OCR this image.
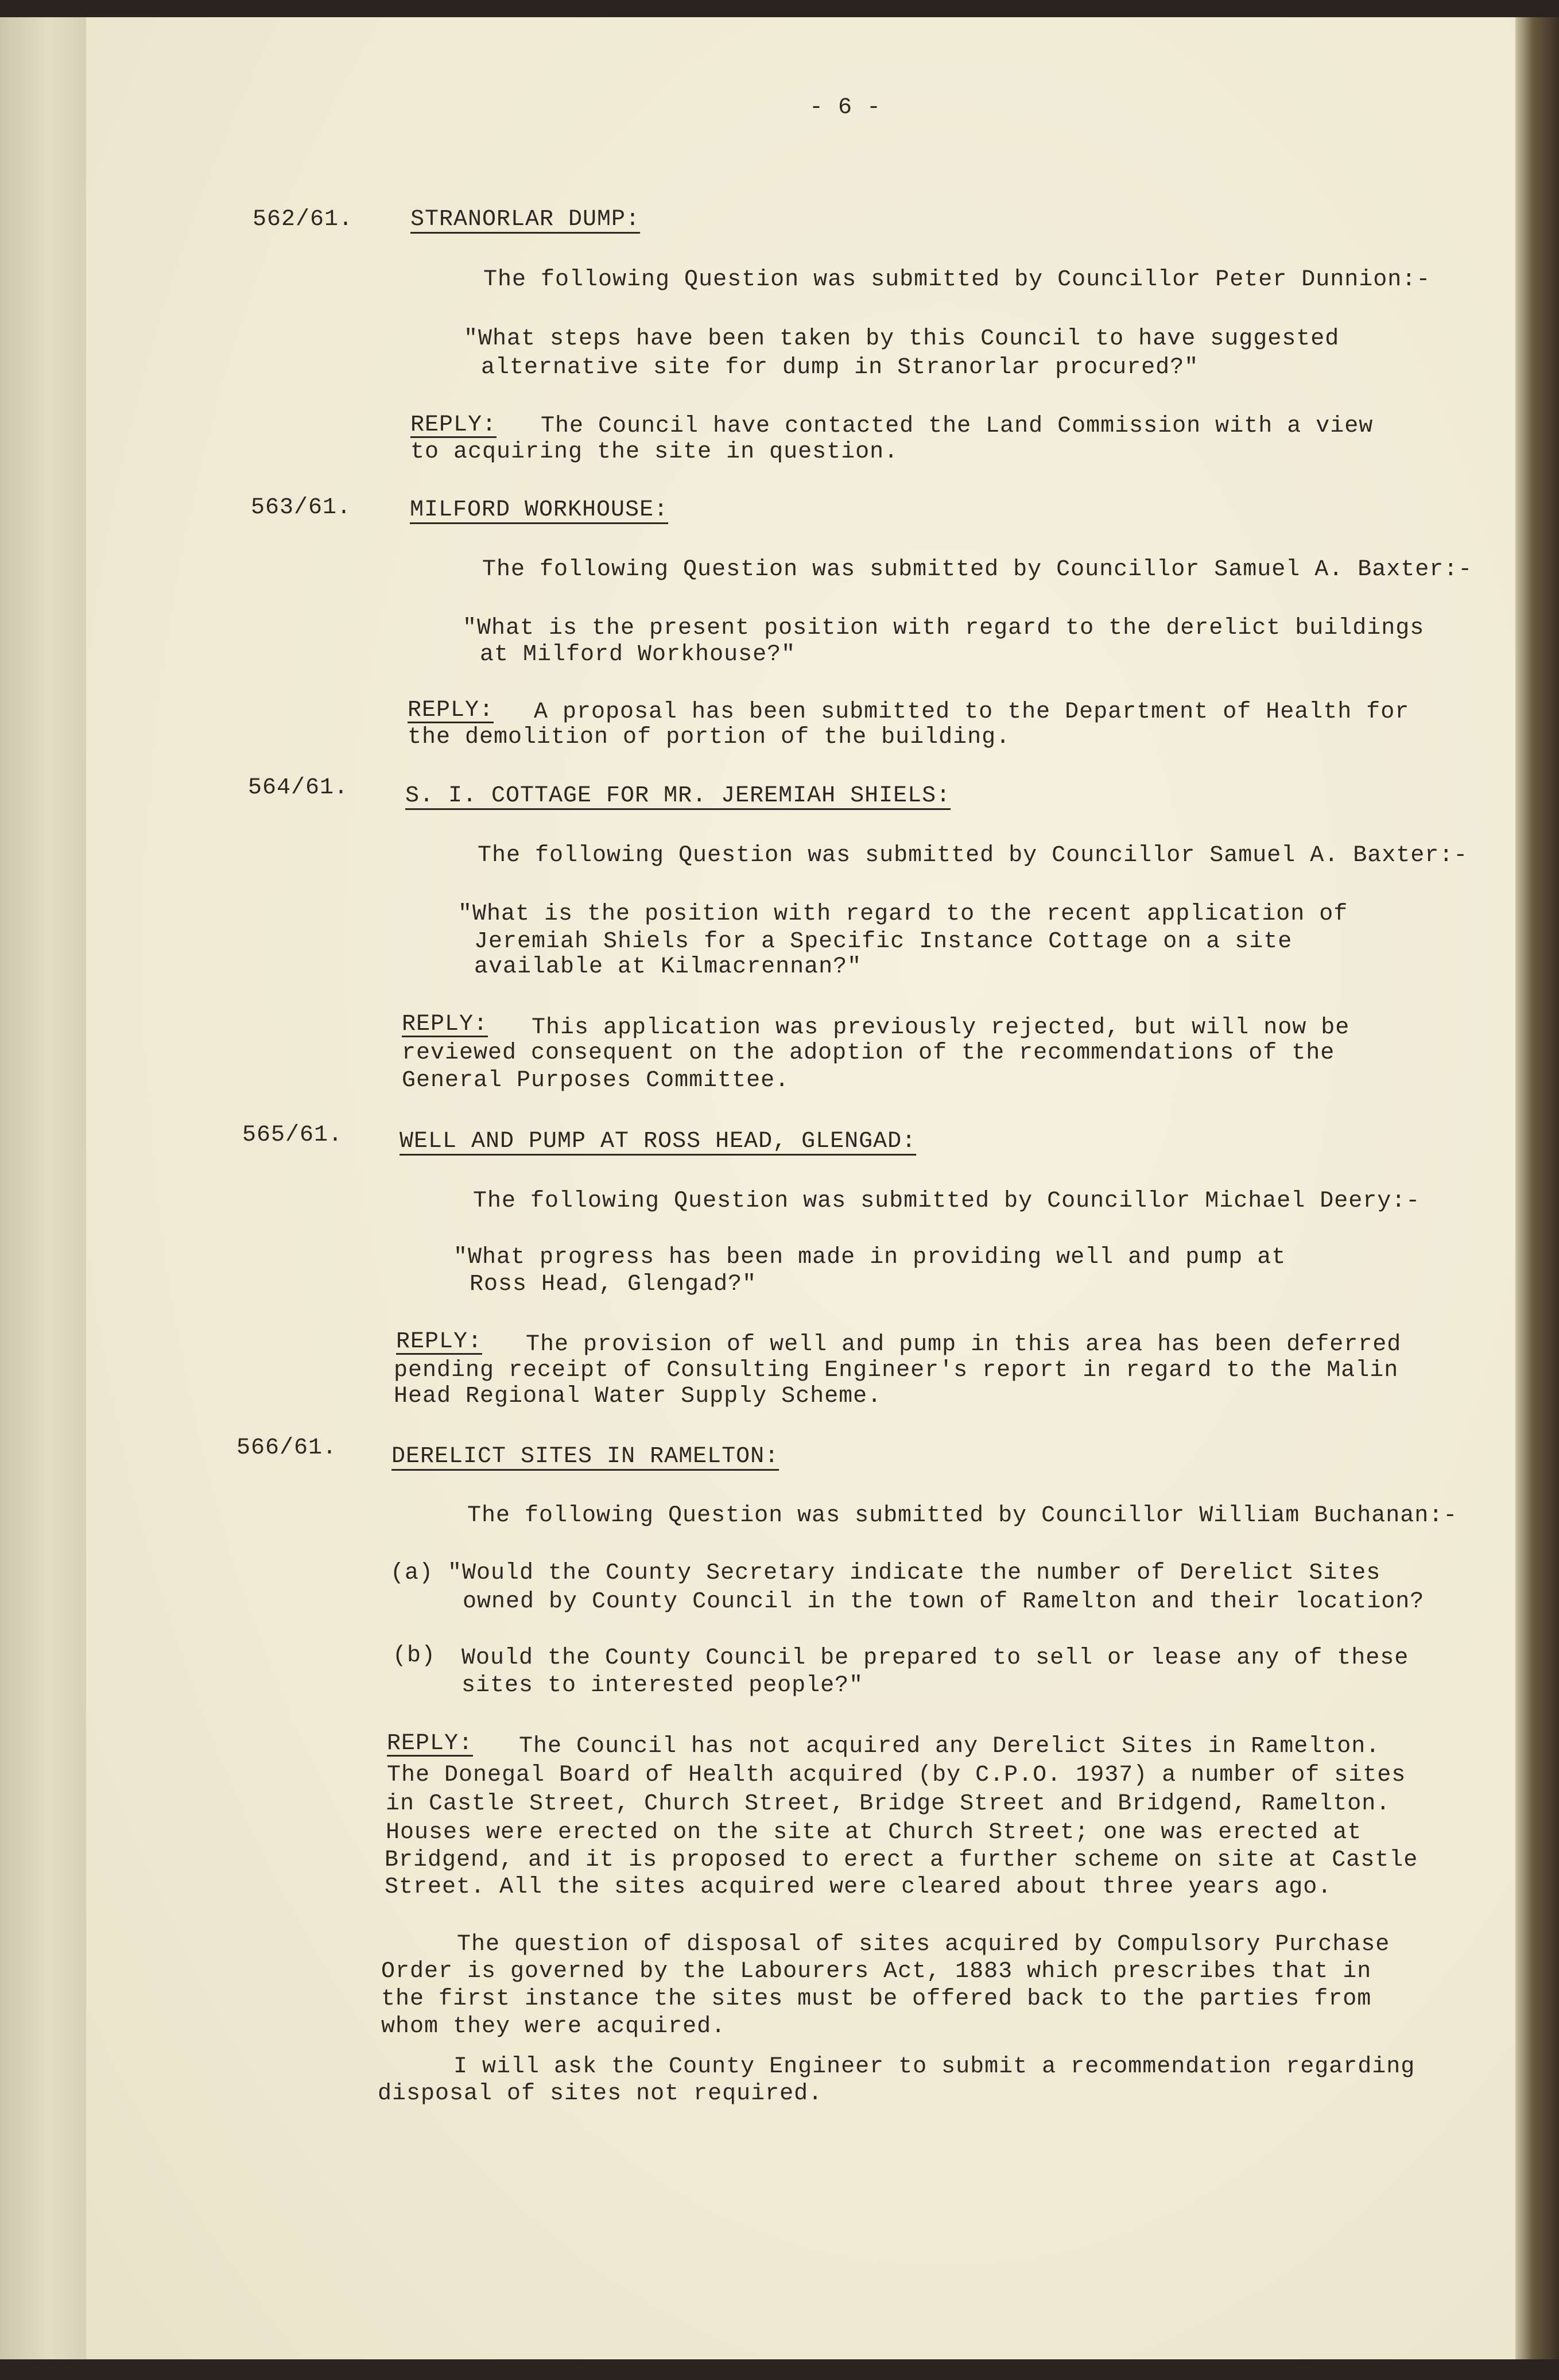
- 6 -
562/61. STRANORLAR DUMP:
The following Question was submitted by Councillor Peter Dunnion:-
"What steps have been taken by this Council to have suggested
alternative site for dump in Stranorlar procured?"
REPLY: The Council have contacted the Land Commission with a view
to acquiring the site in question.
563/61.	MILFORD WORKHOUSE:
The following Question was submitted by Councillor Samuel A. Baxter:-
"What is the present position with regard to the derelict buildings
at Milford Workhouse?"
REPLY: A proposal has been submitted to the Department of Health for
the demolition of portion of the building.
564/61. S. I. COTTAGE FOR MR. JEREMIAH SHIELS:
The following Question was submitted by Councillor Samuel A. Baxter:-
"What is the position with regard to the recent application of
Jeremiah Shiels for a Specific Instance Cottage on a site
available at Kilmacrennan?"
REPLY: This application was previously rejected, but will now be
reviewed consequent on the adoption of the recommendations of the
General Purposes Committee.
565/61. WELL AND PUMP AT ROSS HEAD, GLENGAD:
The following Question was submitted by Councillor Michael Deery:-
"What progress has been made in providing well and pump at
Ross Head, Glengad?"
REPLY: The provision of well and pump in this area has been deferred
pending receipt of Consulting Engineer's report in regard to the Malin
Head Regional Water Supply Scheme.
566/61. DERELICT SITES IN RAMELTON:
The following Question was submitted by Councillor William Buchanan:-
(a) "Would the County Secretary indicate the number of Derelict Sites
owned by County Council in the town of Ramelton and their location?
(b) Would the County Council be prepared to sell or lease any of these
sites to interested people?"
REPLY: The Council has not acquired any Derelict Sites in Ramelton.
The Donegal Board of Health acquired (by C.P.O. 1937) a number of sites
in Castle Street, Church Street, Bridge Street and Bridgend, Ramelton.
Houses were erected on the site at Church Street; one was erected at
Bridgend, and it is proposed to erect a further scheme on site at Castle
Street. All the sites acquired were cleared about three years ago.
The question of disposal of sites acquired by Compulsory Purchase
Order is governed by the Labourers Act, 1883 which prescribes that in
the first instance the sites must be offered back to the parties from
whom they were acquired.
I will ask the County Engineer to submit a recommendation regarding
disposal of sites not required.
